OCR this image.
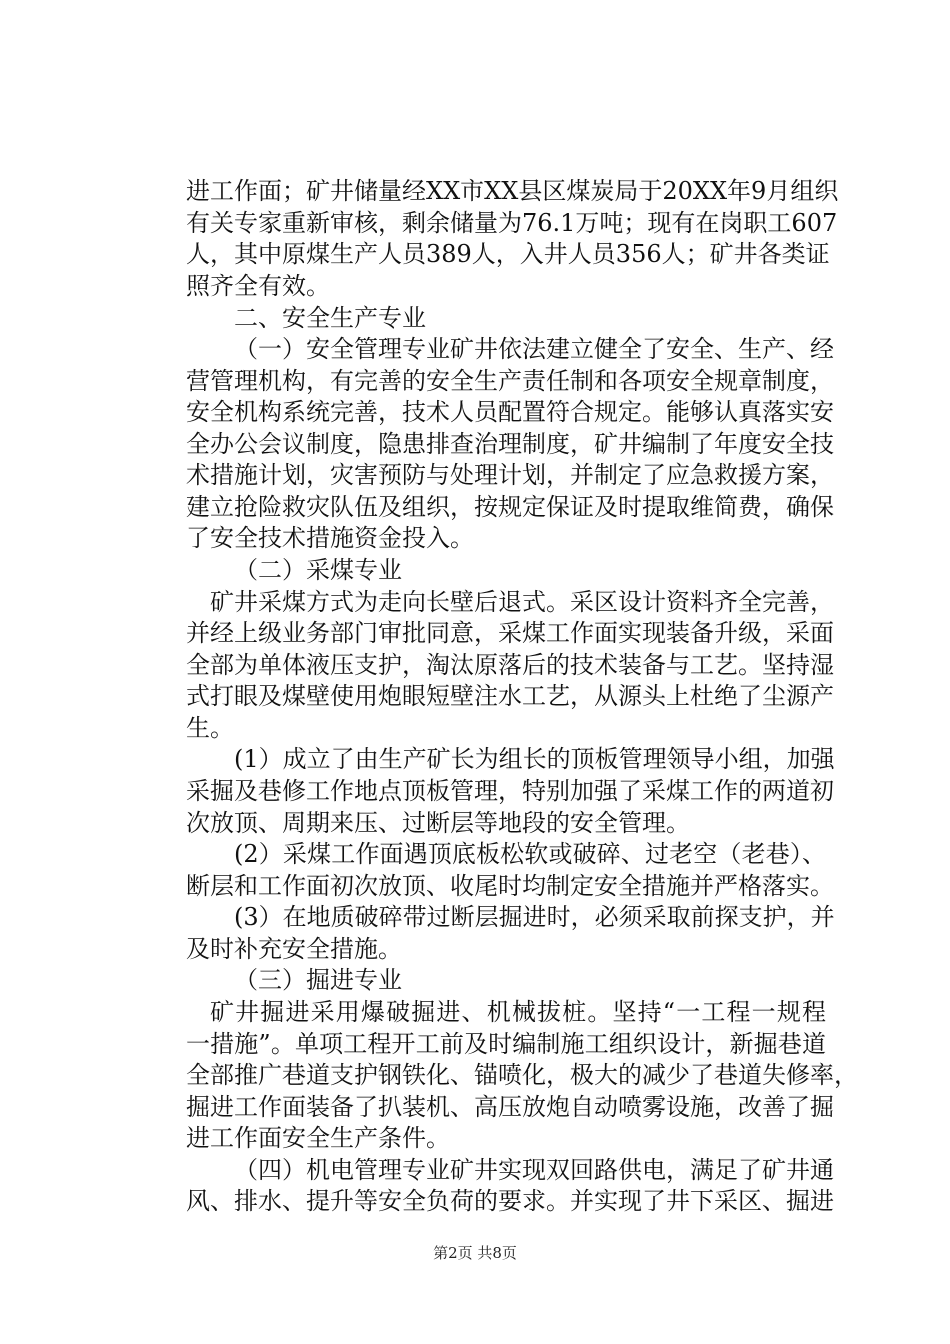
进工作面；矿井储量经XX市XX县区煤炭局于20XX年9月组织
有关专家重新审核，剩余储量为76.1万吨；现有在岗职工607
人，其中原煤生产人员389人，入井人员356人；矿井各类证
照齐全有效。
二、安全生产专业
（一）安全管理专业矿井依法建立健全了安全、生产、经
营管理机构，有完善的安全生产责任制和各项安全规章制度，
安全机构系统完善，技术人员配置符合规定。能够认真落实安
全办公会议制度，隐患排查治理制度，矿井编制了年度安全技
术措施计划，灾害预防与处理计划，并制定了应急救援方案，
建立抢险救灾队伍及组织，按规定保证及时提取维简费，确保
了安全技术措施资金投入。
（二）采煤专业
矿井采煤方式为走向长壁后退式。采区设计资料齐全完善，
并经上级业务部门审批同意，采煤工作面实现装备升级，采面
全部为单体液压支护，淘汰原落后的技术装备与工艺。坚持湿
式打眼及煤壁使用炮眼短壁注水工艺，从源头上杜绝了尘源产
生。
(1）成立了由生产矿长为组长的顶板管理领导小组，加强
采掘及巷修工作地点顶板管理，特别加强了采煤工作的两道初
次放顶、周期来压、过断层等地段的安全管理。
(2）采煤工作面遇顶底板松软或破碎、过老空（老巷）、
断层和工作面初次放顶、收尾时均制定安全措施并严格落实。
(3）在地质破碎带过断层掘进时，必须采取前探支护，并
及时补充安全措施。
（三）掘进专业
矿井掘进采用爆破掘进、机械拔桩。坚持“一工程一规程
一措施”。单项工程开工前及时编制施工组织设计，新掘巷道
全部推广巷道支护钢铁化、锚喷化，极大的减少了巷道失修率，
掘进工作面装备了扒装机、高压放炮自动喷雾设施，改善了掘
进工作面安全生产条件。
（四）机电管理专业矿井实现双回路供电，满足了矿井通
风、排水、提升等安全负荷的要求。并实现了井下采区、掘进
第2页 共8页
